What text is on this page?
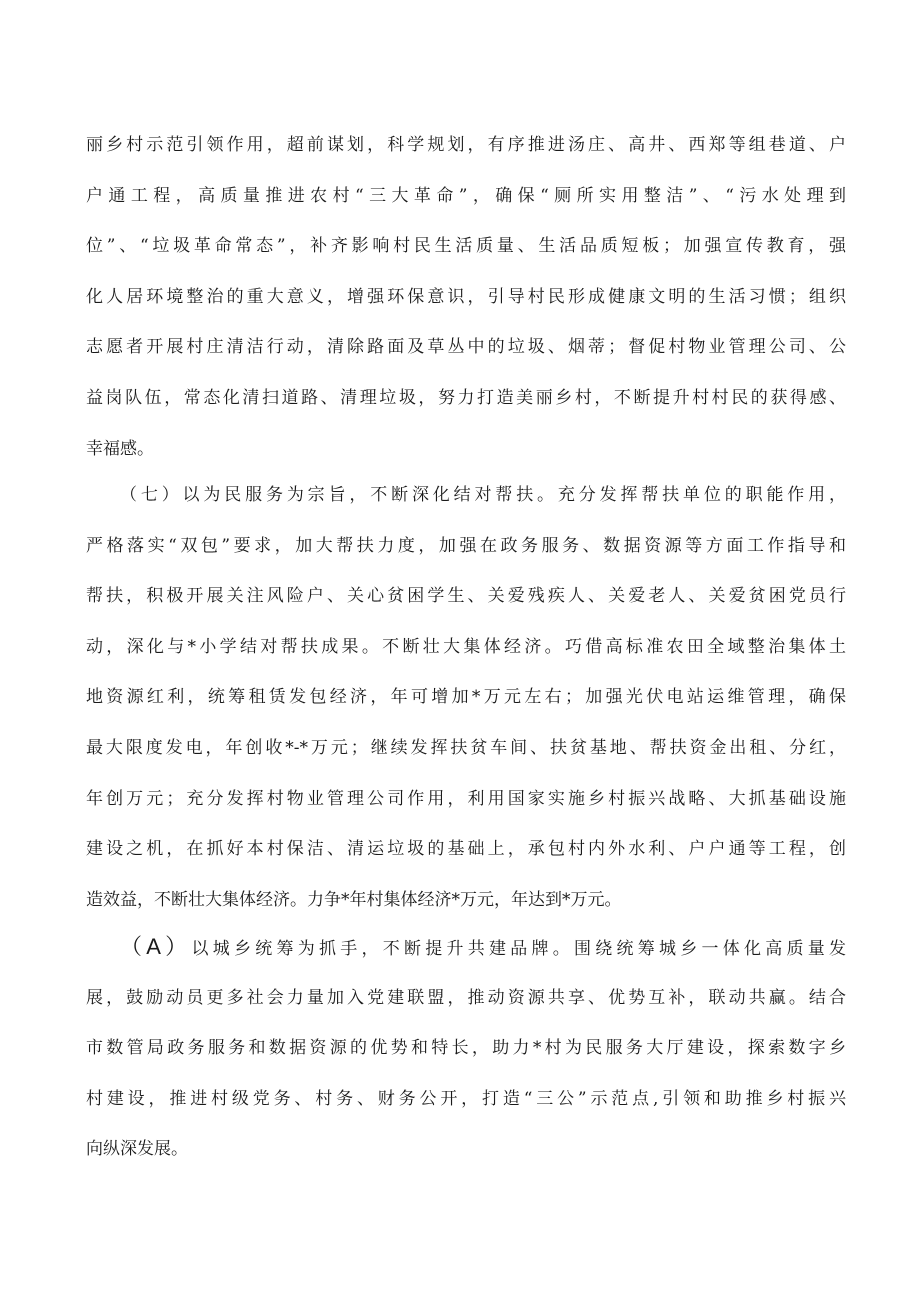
丽乡村示范引领作用，超前谋划，科学规划，有序推进汤庄、高井、西郑等组巷道、户
户通工程，高质量推进农村“三大革命”，确保“厕所实用整洁”、“污水处理到
位”、“垃圾革命常态”，补齐影响村民生活质量、生活品质短板；加强宣传教育，强
化人居环境整治的重大意义，增强环保意识，引导村民形成健康文明的生活习惯；组织
志愿者开展村庄清洁行动，清除路面及草丛中的垃圾、烟蒂；督促村物业管理公司、公
益岗队伍，常态化清扫道路、清理垃圾，努力打造美丽乡村，不断提升村村民的获得感、
幸福感。
（七）以为民服务为宗旨，不断深化结对帮扶。充分发挥帮扶单位的职能作用，
严格落实“双包”要求，加大帮扶力度，加强在政务服务、数据资源等方面工作指导和
帮扶，积极开展关注风险户、关心贫困学生、关爱残疾人、关爱老人、关爱贫困党员行
动，深化与*小学结对帮扶成果。不断壮大集体经济。巧借高标准农田全域整治集体土
地资源红利，统筹租赁发包经济，年可增加*万元左右；加强光伏电站运维管理，确保
最大限度发电，年创收*-*万元；继续发挥扶贫车间、扶贫基地、帮扶资金出租、分红，
年创万元；充分发挥村物业管理公司作用，利用国家实施乡村振兴战略、大抓基础设施
建设之机，在抓好本村保洁、清运垃圾的基础上，承包村内外水利、户户通等工程，创
造效益，不断壮大集体经济。力争*年村集体经济*万元，年达到*万元。
（A）以城乡统筹为抓手，不断提升共建品牌。围绕统筹城乡一体化高质量发
展，鼓励动员更多社会力量加入党建联盟，推动资源共享、优势互补，联动共赢。结合
市数管局政务服务和数据资源的优势和特长，助力*村为民服务大厅建设，探索数字乡
村建设，推进村级党务、村务、财务公开，打造“三公”示范点,引领和助推乡村振兴
向纵深发展。
